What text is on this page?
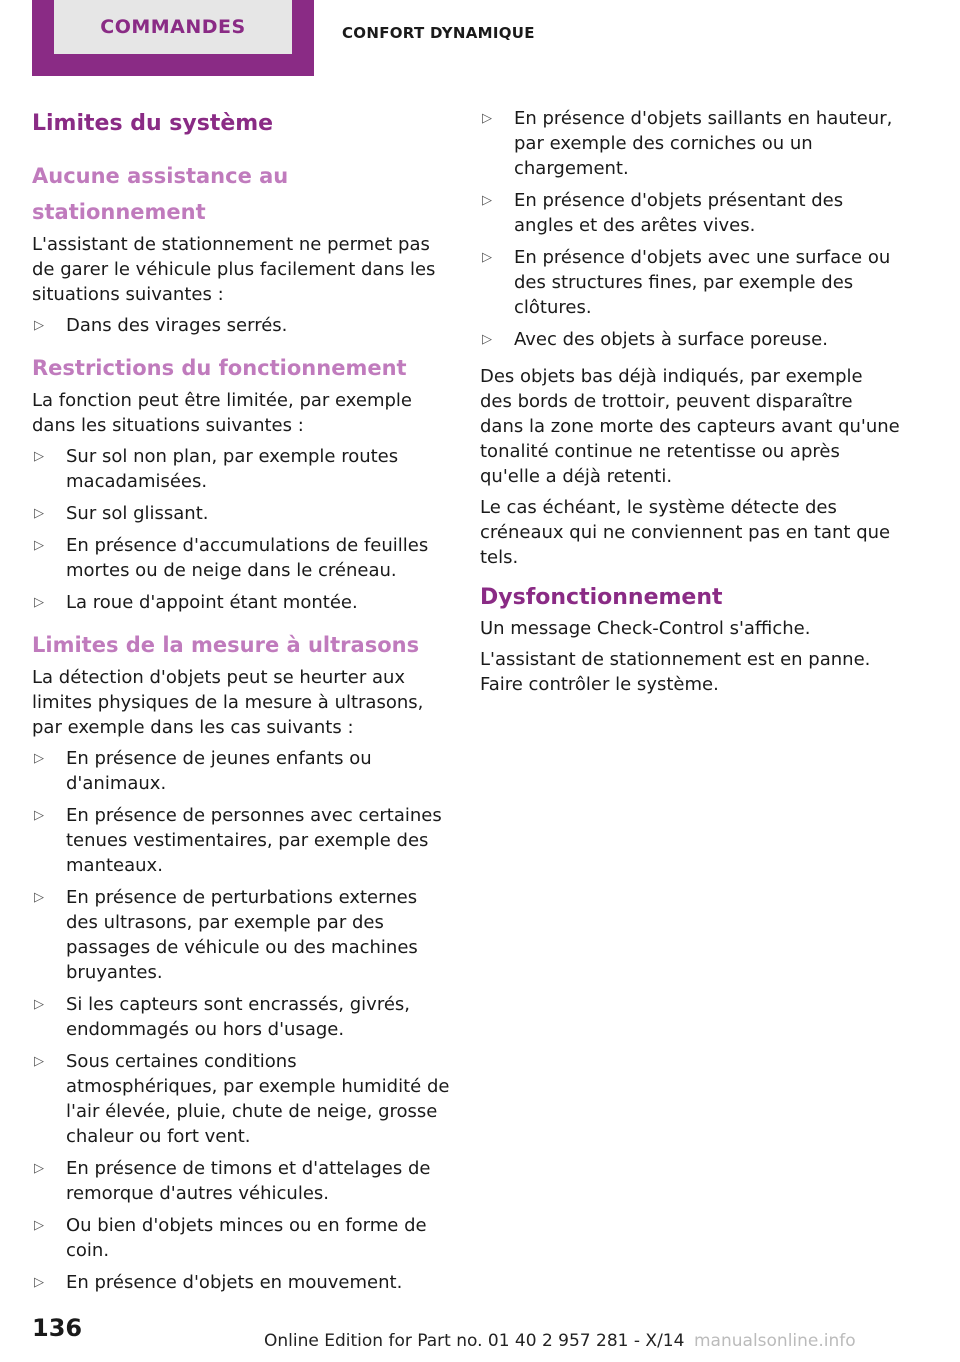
COMMANDES	CONFORT DYNAMIQUE
Limites du système
Aucune assistance au stationnement

L'assistant de stationnement ne permet pas de garer le véhicule plus facilement dans les situations suivantes :

▷ Dans des virages serrés.
Restrictions du fonctionnement

La fonction peut être limitée, par exemple dans les situations suivantes :

▷ Sur sol non plan, par exemple routes macadamisées.
▷ Sur sol glissant.
▷ En présence d'accumulations de feuilles mortes ou de neige dans le créneau.
▷ La roue d'appoint étant montée.
Limites de la mesure à ultrasons

La détection d'objets peut se heurter aux limites physiques de la mesure à ultrasons, par exemple dans les cas suivants :

▷ En présence de jeunes enfants ou d'animaux.
▷ En présence de personnes avec certaines tenues vestimentaires, par exemple des manteaux.
▷ En présence de perturbations externes des ultrasons, par exemple par des passages de véhicule ou des machines bruyantes.
▷ Si les capteurs sont encrassés, givrés, endommagés ou hors d'usage.
▷ Sous certaines conditions atmosphériques, par exemple humidité de l'air élevée, pluie, chute de neige, grosse chaleur ou fort vent.
▷ En présence de timons et d'attelages de remorque d'autres véhicules.
▷ Ou bien d'objets minces ou en forme de coin.
▷ En présence d'objets en mouvement.
▷ En présence d'objets saillants en hauteur, par exemple des corniches ou un chargement.
▷ En présence d'objets présentant des angles et des arêtes vives.
▷ En présence d'objets avec une surface ou des structures fines, par exemple des clôtures.
▷ Avec des objets à surface poreuse.

Des objets bas déjà indiqués, par exemple des bords de trottoir, peuvent disparaître dans la zone morte des capteurs avant qu'une tonalité continue ne retentisse ou après qu'elle a déjà retenti.

Le cas échéant, le système détecte des créneaux qui ne conviennent pas en tant que tels.

Dysfonctionnement

Un message Check-Control s'affiche.

L'assistant de stationnement est en panne. Faire contrôler le système.

136	Online Edition for Part no. 01 40 2 957 281 - X/14 manualsonline.info
